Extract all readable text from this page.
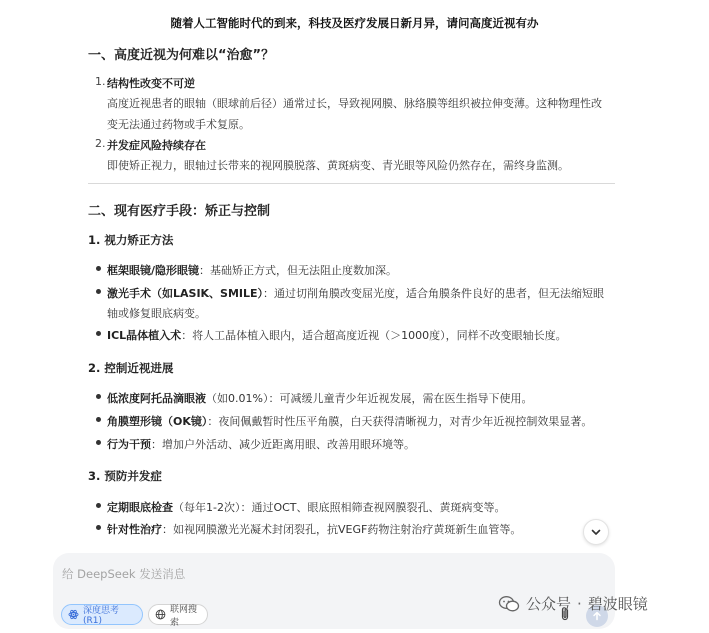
随着人工智能时代的到来，科技及医疗发展日新月异，请问高度近视有办
一、高度近视为何难以“治愈”？
1. 结构性改变不可逆
高度近视患者的眼轴（眼球前后径）通常过长，导致视网膜、脉络膜等组织被拉伸变薄。这种物理性改
变无法通过药物或手术复原。
2. 并发症风险持续存在
即使矫正视力，眼轴过长带来的视网膜脱落、黄斑病变、青光眼等风险仍然存在，需终身监测。
二、现有医疗手段：矫正与控制
1. 视力矫正方法
框架眼镜/隐形眼镜：基础矫正方式，但无法阻止度数加深。
激光手术（如LASIK、SMILE）：通过切削角膜改变屈光度，适合角膜条件良好的患者，但无法缩短眼
轴或修复眼底病变。
ICL晶体植入术：将人工晶体植入眼内，适合超高度近视（＞1000度），同样不改变眼轴长度。
2. 控制近视进展
低浓度阿托品滴眼液（如0.01%）：可减缓儿童青少年近视发展，需在医生指导下使用。
角膜塑形镜（OK镜）：夜间佩戴暂时性压平角膜，白天获得清晰视力，对青少年近视控制效果显著。
行为干预：增加户外活动、减少近距离用眼、改善用眼环境等。
3. 预防并发症
定期眼底检查（每年1-2次）：通过OCT、眼底照相筛查视网膜裂孔、黄斑病变等。
针对性治疗：如视网膜激光光凝术封闭裂孔，抗VEGF药物注射治疗黄斑新生血管等。
给 DeepSeek 发送消息
深度思考 (R1)
联网搜索
公众号 · 碧波眼镜
